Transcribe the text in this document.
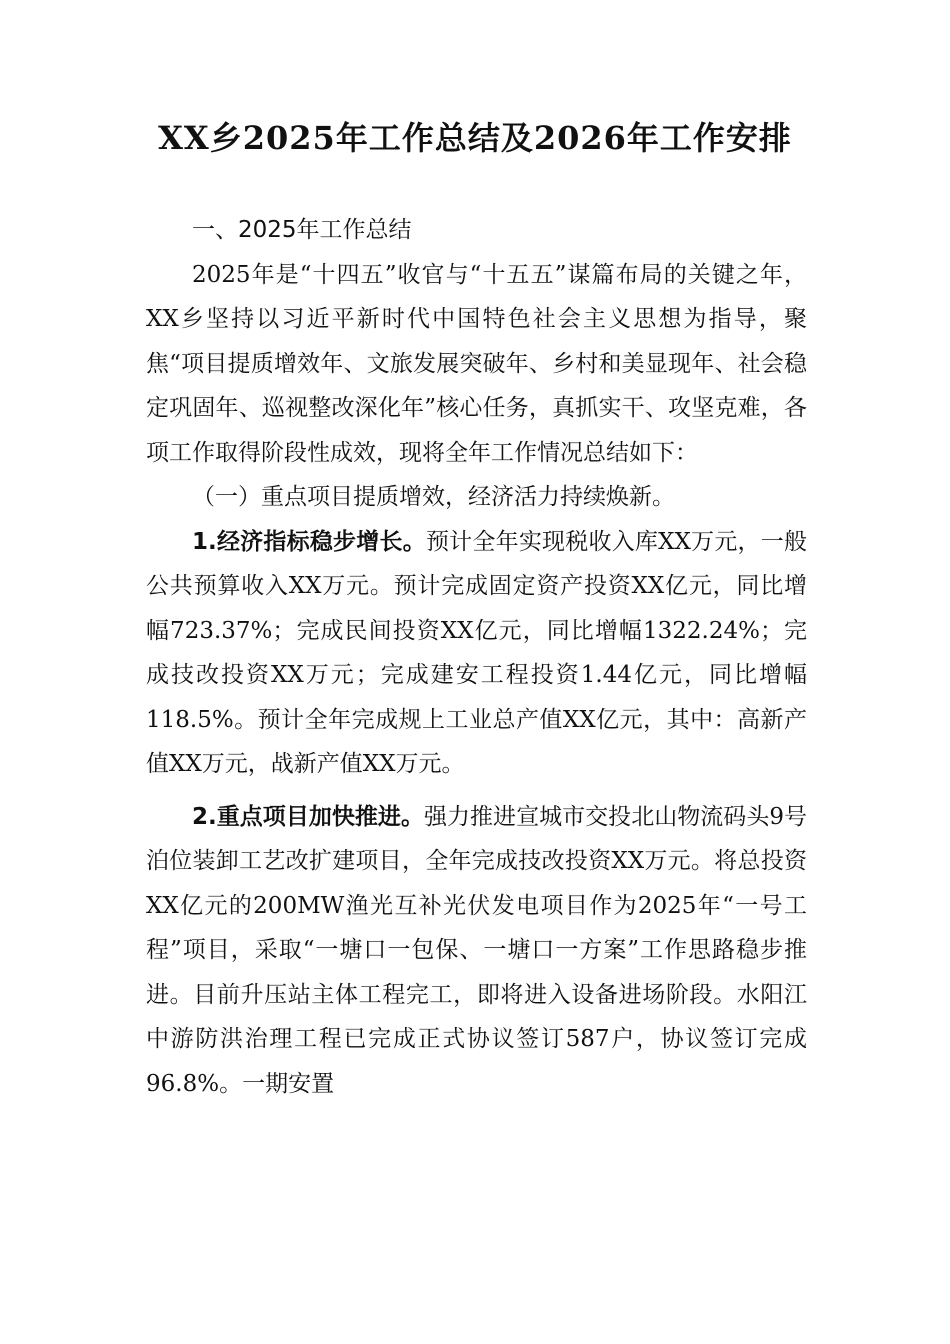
XX乡2025年工作总结及2026年工作安排

一、2025年工作总结

2025年是“十四五”收官与“十五五”谋篇布局的关键之年，XX乡坚持以习近平新时代中国特色社会主义思想为指导，聚焦“项目提质增效年、文旅发展突破年、乡村和美显现年、社会稳定巩固年、巡视整改深化年”核心任务，真抓实干、攻坚克难，各项工作取得阶段性成效，现将全年工作情况总结如下：

（一）重点项目提质增效，经济活力持续焕新。

1.经济指标稳步增长。预计全年实现税收入库XX万元，一般公共预算收入XX万元。预计完成固定资产投资XX亿元，同比增幅723.37%；完成民间投资XX亿元，同比增幅1322.24%；完成技改投资XX万元；完成建安工程投资1.44亿元，同比增幅118.5%。预计全年完成规上工业总产值XX亿元，其中：高新产值XX万元，战新产值XX万元。

2.重点项目加快推进。强力推进宣城市交投北山物流码头9号泊位装卸工艺改扩建项目，全年完成技改投资XX万元。将总投资XX亿元的200MW渔光互补光伏发电项目作为2025年“一号工程”项目，采取“一塘口一包保、一塘口一方案”工作思路稳步推进。目前升压站主体工程完工，即将进入设备进场阶段。水阳江中游防洪治理工程已完成正式协议签订587户，协议签订完成96.8%。一期安置
